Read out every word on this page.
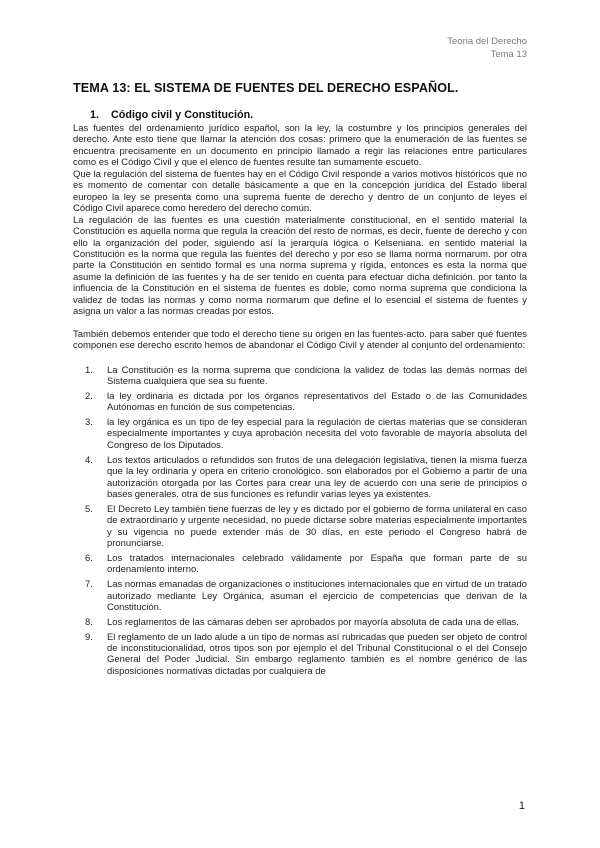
Teoria del Derecho
Tema 13
TEMA 13: EL SISTEMA DE FUENTES DEL DERECHO ESPAÑOL.
1. Código civil y Constitución.

Las fuentes del ordenamiento jurídico español, son la ley, la costumbre y los principios generales del derecho. Ante esto tiene que llamar la atención dos cosas: primero que la enumeración de las fuentes se encuentra precisamente en un documento en principio llamado a regir las relaciones entre particulares como es el Código Civil y que el elenco de fuentes resulte tan sumamente escueto.

Que la regulación del sistema de fuentes hay en el Código Civil responde a varios motivos históricos que no es momento de comentar con detalle básicamente a que en la concepción jurídica del Estado liberal europeo la ley se presenta como una suprema fuente de derecho y dentro de un conjunto de leyes el Código Civil aparece como heredero del derecho común.

La regulación de las fuentes es una cuestión materialmente constitucional, en el sentido material la Constitución es aquella norma que regula la creación del resto de normas, es decir, fuente de derecho y con ello la organización del poder, siguiendo así la jerarquía lógica o Kelseniana. en sentido material la Constitución es la norma que regula las fuentes del derecho y por eso se llama norma normarum. por otra parte la Constitución en sentido formal es una norma suprema y rígida, entonces es esta la norma que asume la definición de las fuentes y ha de ser tenido en cuenta para efectuar dicha definición. por tanto la influencia de la Constitución en el sistema de fuentes es doble, como norma suprema que condiciona la validez de todas las normas y como norma normarum que define el lo esencial el sistema de fuentes y asigna un valor a las normas creadas por estos.

También debemos entender que todo el derecho tiene su origen en las fuentes-acto. para saber qué fuentes componen ese derecho escrito hemos de abandonar el Código Civil y atender al conjunto del ordenamiento:

1. La Constitución es la norma suprema que condiciona la validez de todas las demás normas del Sistema cualquiera que sea su fuente.
2. la ley ordinaria es dictada por los órganos representativos del Estado o de las Comunidades Autónomas en función de sus competencias.
3. la ley orgánica es un tipo de ley especial para la regulación de ciertas materias que se consideran especialmente importantes y cuya aprobación necesita del voto favorable de mayoría absoluta del Congreso de los Diputados.
4. Los textos articulados o refundidos son frutos de una delegación legislativa, tienen la misma fuerza que la ley ordinaria y opera en criterio cronológico. son elaborados por el Gobierno a partir de una autorización otorgada por las Cortes para crear una ley de acuerdo con una serie de principios o bases generales. otra de sus funciones es refundir varias leyes ya existentes.
5. El Decreto Ley también tiene fuerzas de ley y es dictado por el gobierno de forma unilateral en caso de extraordinario y urgente necesidad, no puede dictarse sobre materias especialmente importantes y su vigencia no puede extender más de 30 días, en este periodo el Congreso habrá de pronunciarse.
6. Los tratados internacionales celebrado válidamente por España que forman parte de su ordenamiento interno.
7. Las normas emanadas de organizaciones o instituciones internacionales que en virtud de un tratado autorizado mediante Ley Orgánica, asuman el ejercicio de competencias que derivan de la Constitución.
8. Los reglamentos de las cámaras deben ser aprobados por mayoría absoluta de cada una de ellas.
9. El reglamento de un lado alude a un tipo de normas así rubricadas que pueden ser objeto de control de inconstitucionalidad, otros tipos son por ejemplo el del Tribunal Constitucional o el del Consejo General del Poder Judicial. Sin embargo reglamento también es el nombre genérico de las disposiciones normativas dictadas por cualquiera de
1
